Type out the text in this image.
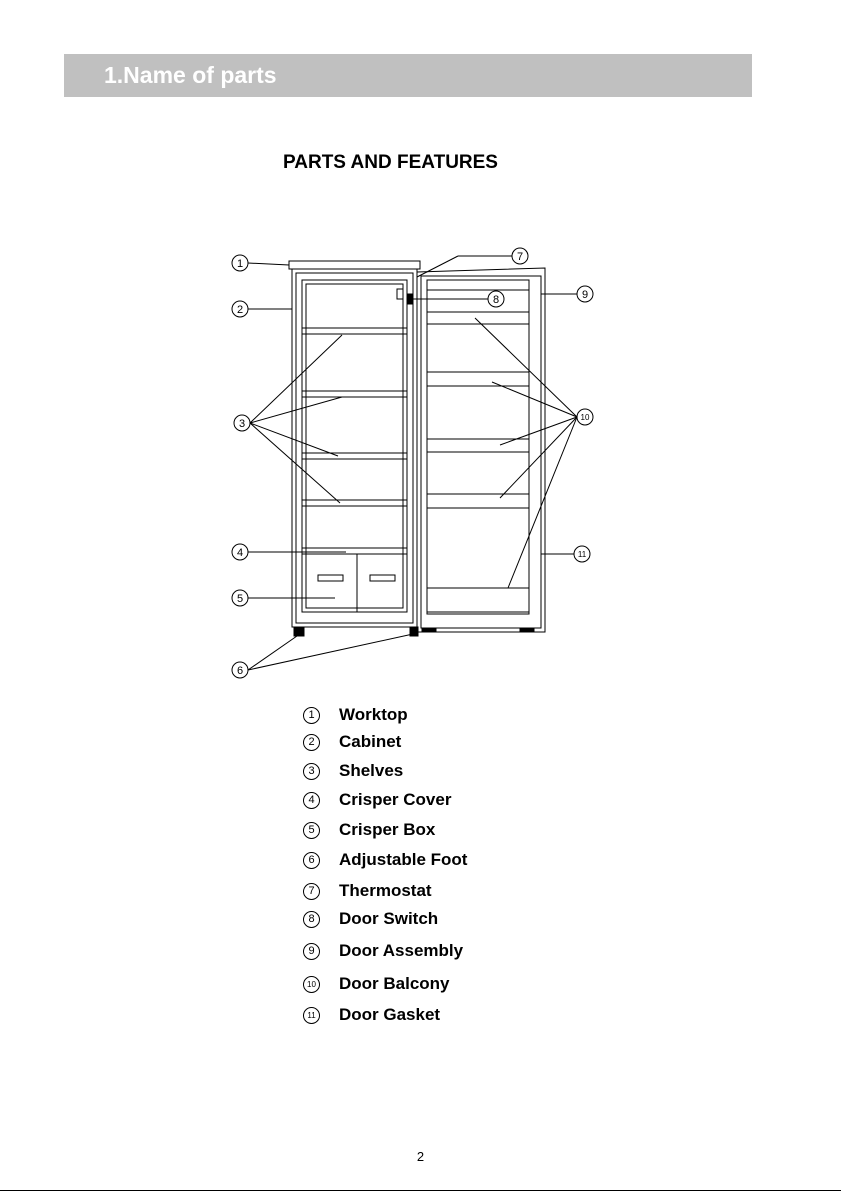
1.Name of parts
PARTS AND FEATURES
1
2
3
4
5
6
7
8	9
10
11
1	Worktop
2	Cabinet
3	Shelves
4	Crisper Cover
5	Crisper Box
6	Adjustable Foot
7	Thermostat
8	Door Switch
9	Door Assembly
10 Door Balcony
11 Door Gasket
2
